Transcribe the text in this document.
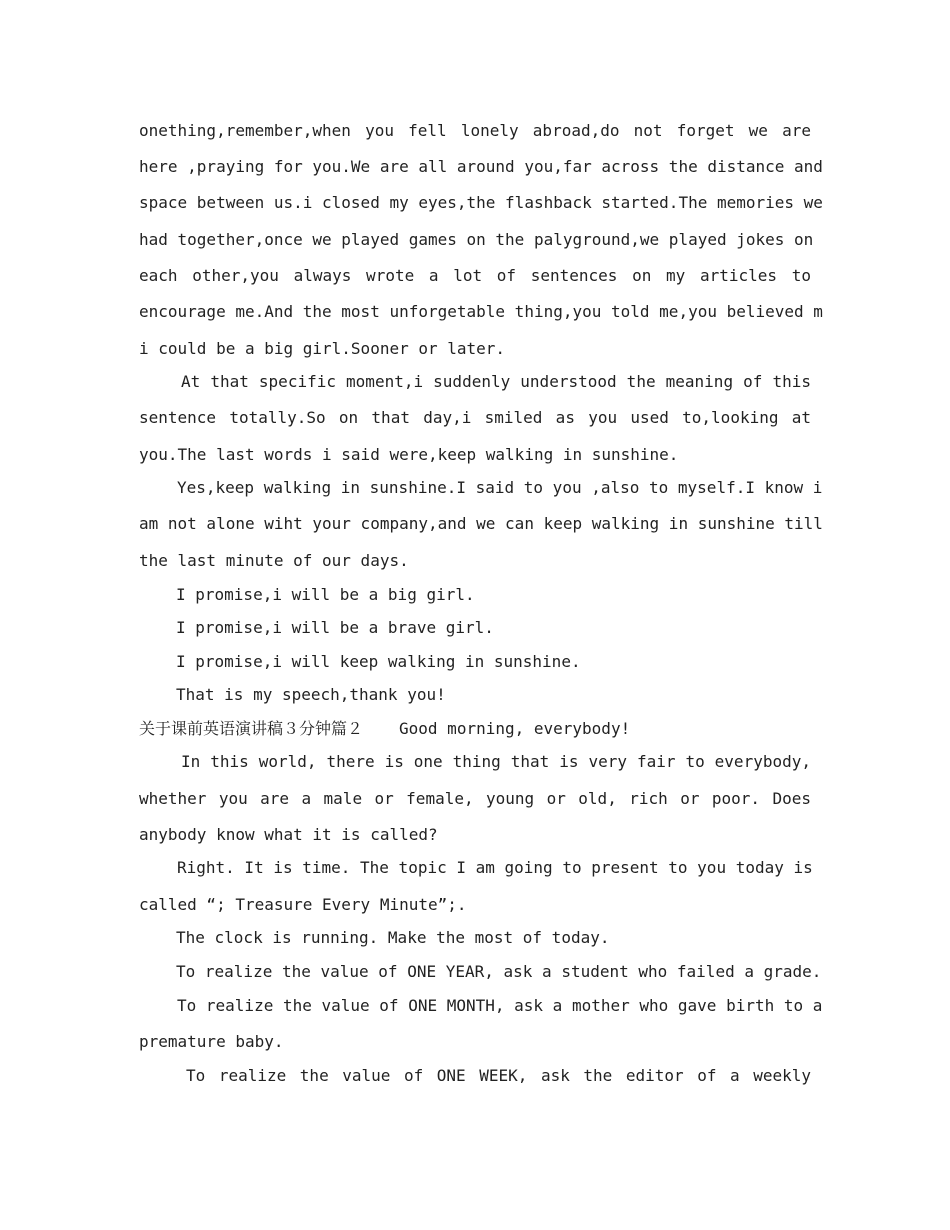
onething,remember,when you fell lonely abroad,do not forget we are
here ,praying for you.We are all around you,far across the distance and
space between us.i closed my eyes,the flashback started.The memories we
had together,once we played games on the palyground,we played jokes on
each other,you always wrote a lot of sentences on my articles to
encourage me.And the most unforgetable thing,you told me,you believed m
i could be a big girl.Sooner or later.
At that specific moment,i suddenly understood the meaning of this
sentence totally.So on that day,i smiled as you used to,looking at
you.The last words i said were,keep walking in sunshine.
Yes,keep walking in sunshine.I said to you ,also to myself.I know i
am not alone wiht your company,and we can keep walking in sunshine till
the last minute of our days.
I promise,i will be a big girl.
I promise,i will be a brave girl.
I promise,i will keep walking in sunshine.
That is my speech,thank you!
关于课前英语演讲稿３分钟篇２ Good morning, everybody!
In this world, there is one thing that is very fair to everybody,
whether you are a male or female, young or old, rich or poor. Does
anybody know what it is called?
Right. It is time. The topic I am going to present to you today is
called “; Treasure Every Minute”;.
The clock is running. Make the most of today.
To realize the value of ONE YEAR, ask a student who failed a grade.
To realize the value of ONE MONTH, ask a mother who gave birth to a
premature baby.
To realize the value of ONE WEEK, ask the editor of a weekly
